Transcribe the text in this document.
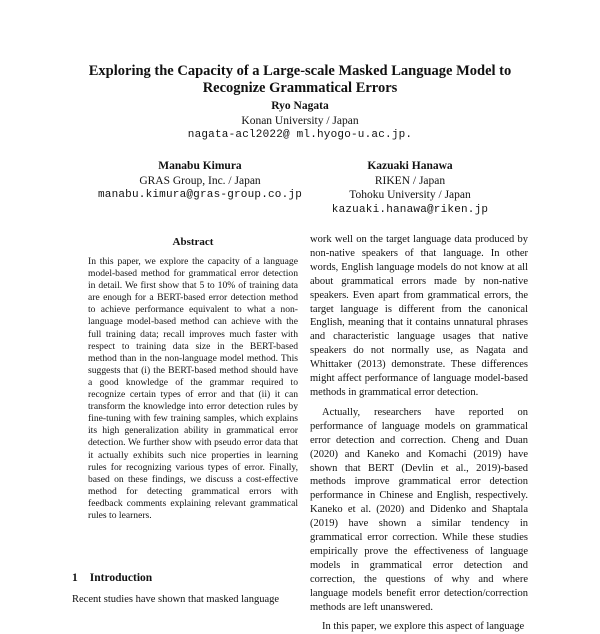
Exploring the Capacity of a Large-scale Masked Language Model to Recognize Grammatical Errors
Ryo Nagata
Konan University / Japan
nagata-acl2022@ ml.hyogo-u.ac.jp.
Manabu Kimura
GRAS Group, Inc. / Japan
manabu.kimura@gras-group.co.jp
Kazuaki Hanawa
RIKEN / Japan
Tohoku University / Japan
kazuaki.hanawa@riken.jp
Abstract

In this paper, we explore the capacity of a language model-based method for grammatical error detection in detail. We first show that 5 to 10% of training data are enough for a BERT-based error detection method to achieve performance equivalent to what a non-language model-based method can achieve with the full training data; recall improves much faster with respect to training data size in the BERT-based method than in the non-language model method. This suggests that (i) the BERT-based method should have a good knowledge of the grammar required to recognize certain types of error and that (ii) it can transform the knowledge into error detection rules by fine-tuning with few training samples, which explains its high generalization ability in grammatical error detection. We further show with pseudo error data that it actually exhibits such nice properties in learning rules for recognizing various types of error. Finally, based on these findings, we discuss a cost-effective method for detecting grammatical errors with feedback comments explaining relevant grammatical rules to learners.

1 Introduction

Recent studies have shown that masked language

work well on the target language data produced by non-native speakers of that language. In other words, English language models do not know at all about grammatical errors made by non-native speakers. Even apart from grammatical errors, the target language is different from the canonical English, meaning that it contains unnatural phrases and characteristic language usages that native speakers do not normally use, as Nagata and Whittaker (2013) demonstrate. These differences might affect performance of language model-based methods in grammatical error detection.

Actually, researchers have reported on performance of language models on grammatical error detection and correction. Cheng and Duan (2020) and Kaneko and Komachi (2019) have shown that BERT (Devlin et al., 2019)-based methods improve grammatical error detection performance in Chinese and English, respectively. Kaneko et al. (2020) and Didenko and Shaptala (2019) have shown a similar tendency in grammatical error correction. While these studies empirically prove the effectiveness of language models in grammatical error detection and correction, the questions of why and where language models benefit error detection/correction methods are left unanswered.

In this paper, we explore this aspect of language
